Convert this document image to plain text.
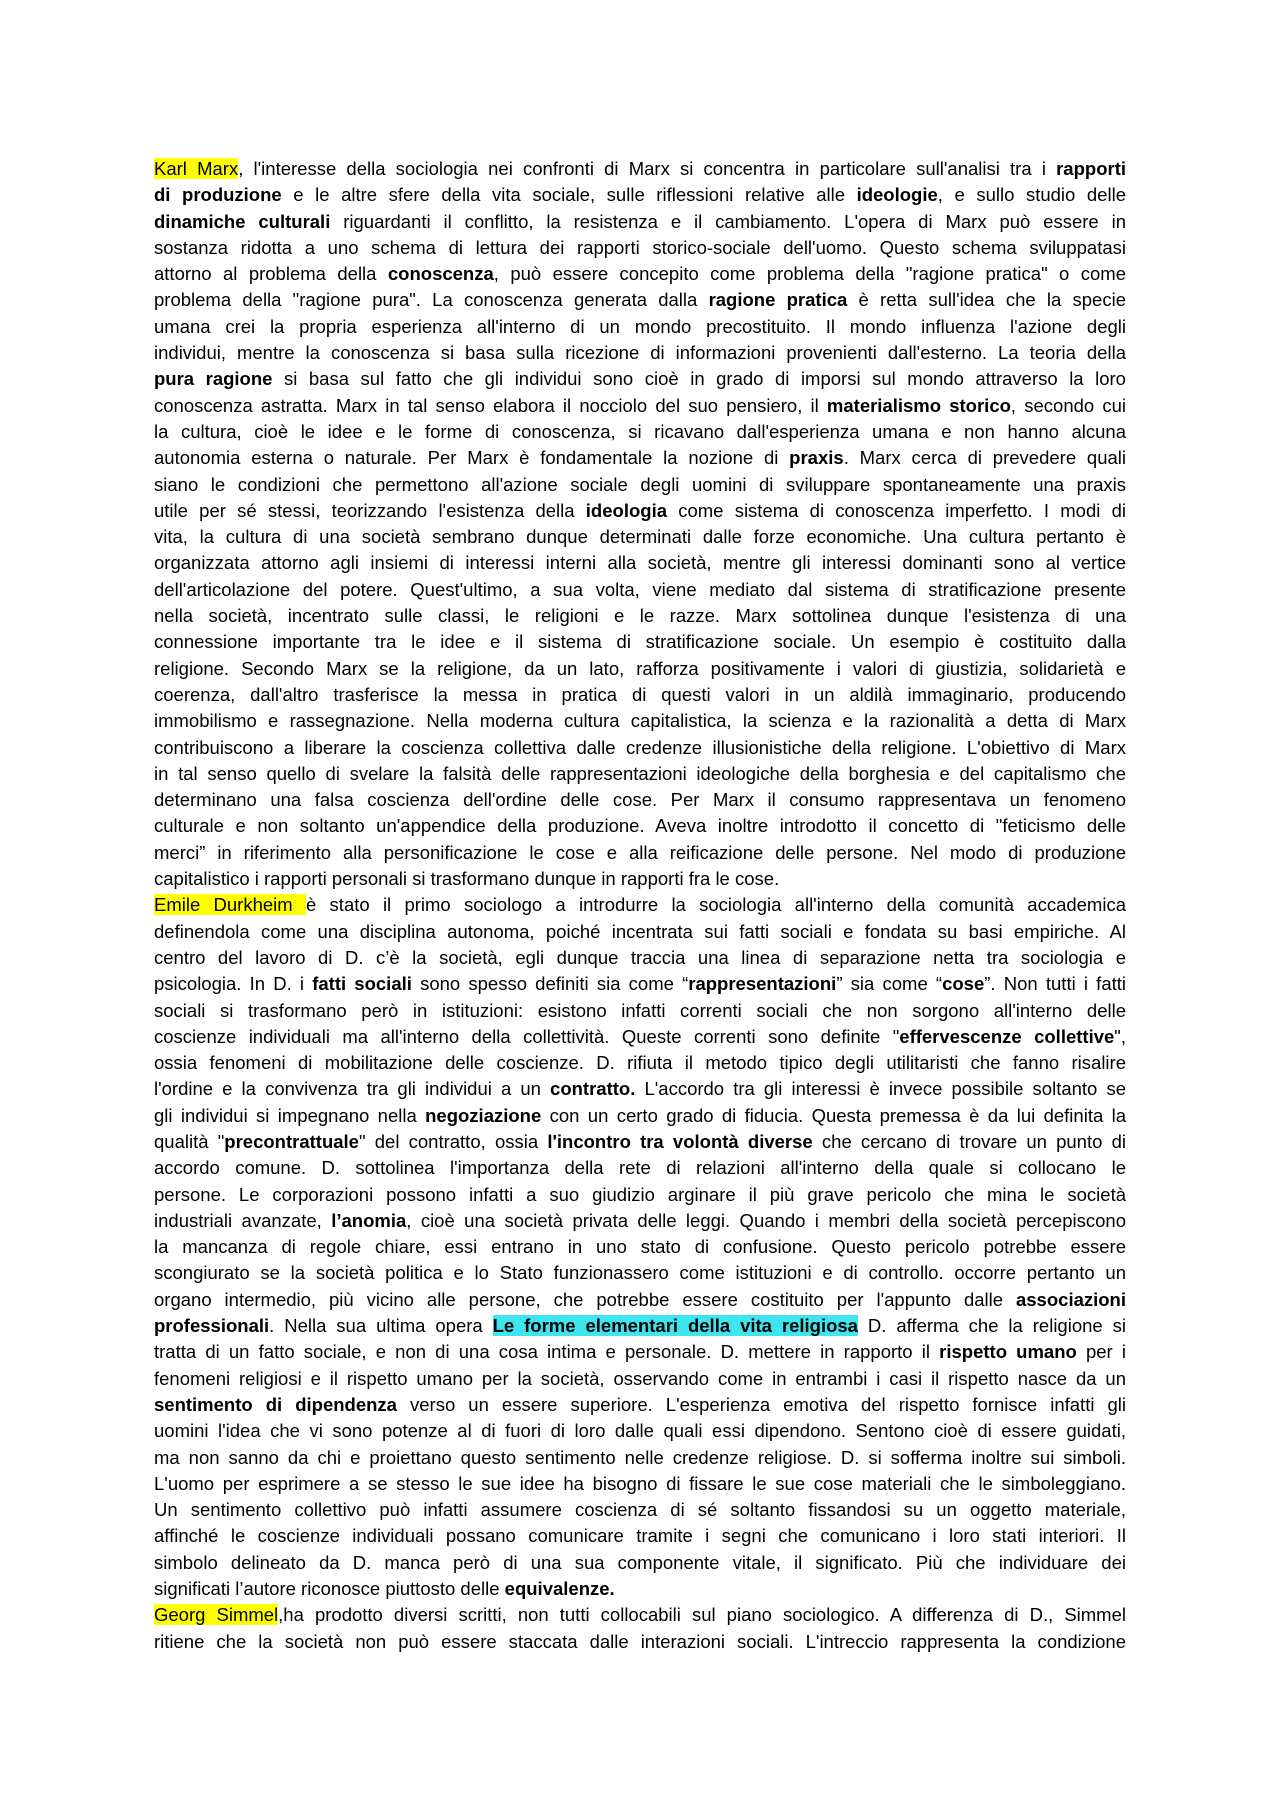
Karl Marx, l'interesse della sociologia nei confronti di Marx si concentra in particolare sull'analisi tra i rapporti
di produzione e le altre sfere della vita sociale, sulle riflessioni relative alle ideologie, e sullo studio delle
dinamiche culturali riguardanti il conflitto, la resistenza e il cambiamento. L'opera di Marx può essere in
sostanza ridotta a uno schema di lettura dei rapporti storico-sociale dell'uomo. Questo schema sviluppatasi
attorno al problema della conoscenza, può essere concepito come problema della "ragione pratica" o come
problema della "ragione pura". La conoscenza generata dalla ragione pratica è retta sull'idea che la specie
umana crei la propria esperienza all'interno di un mondo precostituito. Il mondo influenza l'azione degli
individui, mentre la conoscenza si basa sulla ricezione di informazioni provenienti dall'esterno. La teoria della
pura ragione si basa sul fatto che gli individui sono cioè in grado di imporsi sul mondo attraverso la loro
conoscenza astratta. Marx in tal senso elabora il nocciolo del suo pensiero, il materialismo storico, secondo cui
la cultura, cioè le idee e le forme di conoscenza, si ricavano dall'esperienza umana e non hanno alcuna
autonomia esterna o naturale. Per Marx è fondamentale la nozione di praxis. Marx cerca di prevedere quali
siano le condizioni che permettono all'azione sociale degli uomini di sviluppare spontaneamente una praxis
utile per sé stessi, teorizzando l'esistenza della ideologia come sistema di conoscenza imperfetto. I modi di
vita, la cultura di una società sembrano dunque determinati dalle forze economiche. Una cultura pertanto è
organizzata attorno agli insiemi di interessi interni alla società, mentre gli interessi dominanti sono al vertice
dell'articolazione del potere. Quest'ultimo, a sua volta, viene mediato dal sistema di stratificazione presente
nella società, incentrato sulle classi, le religioni e le razze. Marx sottolinea dunque l'esistenza di una
connessione importante tra le idee e il sistema di stratificazione sociale. Un esempio è costituito dalla
religione. Secondo Marx se la religione, da un lato, rafforza positivamente i valori di giustizia, solidarietà e
coerenza, dall'altro trasferisce la messa in pratica di questi valori in un aldilà immaginario, producendo
immobilismo e rassegnazione. Nella moderna cultura capitalistica, la scienza e la razionalità a detta di Marx
contribuiscono a liberare la coscienza collettiva dalle credenze illusionistiche della religione. L'obiettivo di Marx
in tal senso quello di svelare la falsità delle rappresentazioni ideologiche della borghesia e del capitalismo che
determinano una falsa coscienza dell'ordine delle cose. Per Marx il consumo rappresentava un fenomeno
culturale e non soltanto un'appendice della produzione. Aveva inoltre introdotto il concetto di "feticismo delle
merci” in riferimento alla personificazione le cose e alla reificazione delle persone. Nel modo di produzione
capitalistico i rapporti personali si trasformano dunque in rapporti fra le cose.
Emile Durkheim è stato il primo sociologo a introdurre la sociologia all'interno della comunità accademica
definendola come una disciplina autonoma, poiché incentrata sui fatti sociali e fondata su basi empiriche. Al
centro del lavoro di D. c’è la società, egli dunque traccia una linea di separazione netta tra sociologia e
psicologia. In D. i fatti sociali sono spesso definiti sia come “rappresentazioni” sia come “cose”. Non tutti i fatti
sociali si trasformano però in istituzioni: esistono infatti correnti sociali che non sorgono all'interno delle
coscienze individuali ma all'interno della collettività. Queste correnti sono definite "effervescenze collettive",
ossia fenomeni di mobilitazione delle coscienze. D. rifiuta il metodo tipico degli utilitaristi che fanno risalire
l'ordine e la convivenza tra gli individui a un contratto. L'accordo tra gli interessi è invece possibile soltanto se
gli individui si impegnano nella negoziazione con un certo grado di fiducia. Questa premessa è da lui definita la
qualità "precontrattuale" del contratto, ossia l'incontro tra volontà diverse che cercano di trovare un punto di
accordo comune. D. sottolinea l'importanza della rete di relazioni all'interno della quale si collocano le
persone. Le corporazioni possono infatti a suo giudizio arginare il più grave pericolo che mina le società
industriali avanzate, l’anomia, cioè una società privata delle leggi. Quando i membri della società percepiscono
la mancanza di regole chiare, essi entrano in uno stato di confusione. Questo pericolo potrebbe essere
scongiurato se la società politica e lo Stato funzionassero come istituzioni e di controllo. occorre pertanto un
organo intermedio, più vicino alle persone, che potrebbe essere costituito per l'appunto dalle associazioni
professionali. Nella sua ultima opera Le forme elementari della vita religiosa D. afferma che la religione si
tratta di un fatto sociale, e non di una cosa intima e personale. D. mettere in rapporto il rispetto umano per i
fenomeni religiosi e il rispetto umano per la società, osservando come in entrambi i casi il rispetto nasce da un
sentimento di dipendenza verso un essere superiore. L'esperienza emotiva del rispetto fornisce infatti gli
uomini l'idea che vi sono potenze al di fuori di loro dalle quali essi dipendono. Sentono cioè di essere guidati,
ma non sanno da chi e proiettano questo sentimento nelle credenze religiose. D. si sofferma inoltre sui simboli.
L'uomo per esprimere a se stesso le sue idee ha bisogno di fissare le sue cose materiali che le simboleggiano.
Un sentimento collettivo può infatti assumere coscienza di sé soltanto fissandosi su un oggetto materiale,
affinché le coscienze individuali possano comunicare tramite i segni che comunicano i loro stati interiori. Il
simbolo delineato da D. manca però di una sua componente vitale, il significato. Più che individuare dei
significati l’autore riconosce piuttosto delle equivalenze.
Georg Simmel,ha prodotto diversi scritti, non tutti collocabili sul piano sociologico. A differenza di D., Simmel
ritiene che la società non può essere staccata dalle interazioni sociali. L'intreccio rappresenta la condizione
